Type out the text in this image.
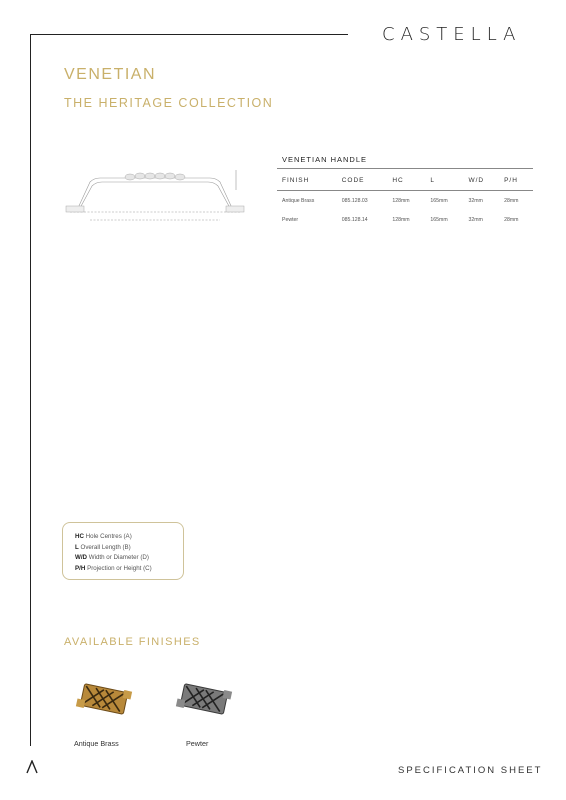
CASTELLA
VENETIAN
THE HERITAGE COLLECTION
VENETIAN HANDLE
FINISH	CODE	HC	L	W/D	P/H
Antique Brass	085.128.03	128mm	165mm	32mm	28mm
Pewter	085.128.14	128mm	165mm	32mm	28mm
HC Hole Centres (A)
L Overall Length (B)
W/D Width or Diameter (D)
P/H Projection or Height (C)
AVAILABLE FINISHES
Antique Brass	Pewter
SPECIFICATION SHEET
